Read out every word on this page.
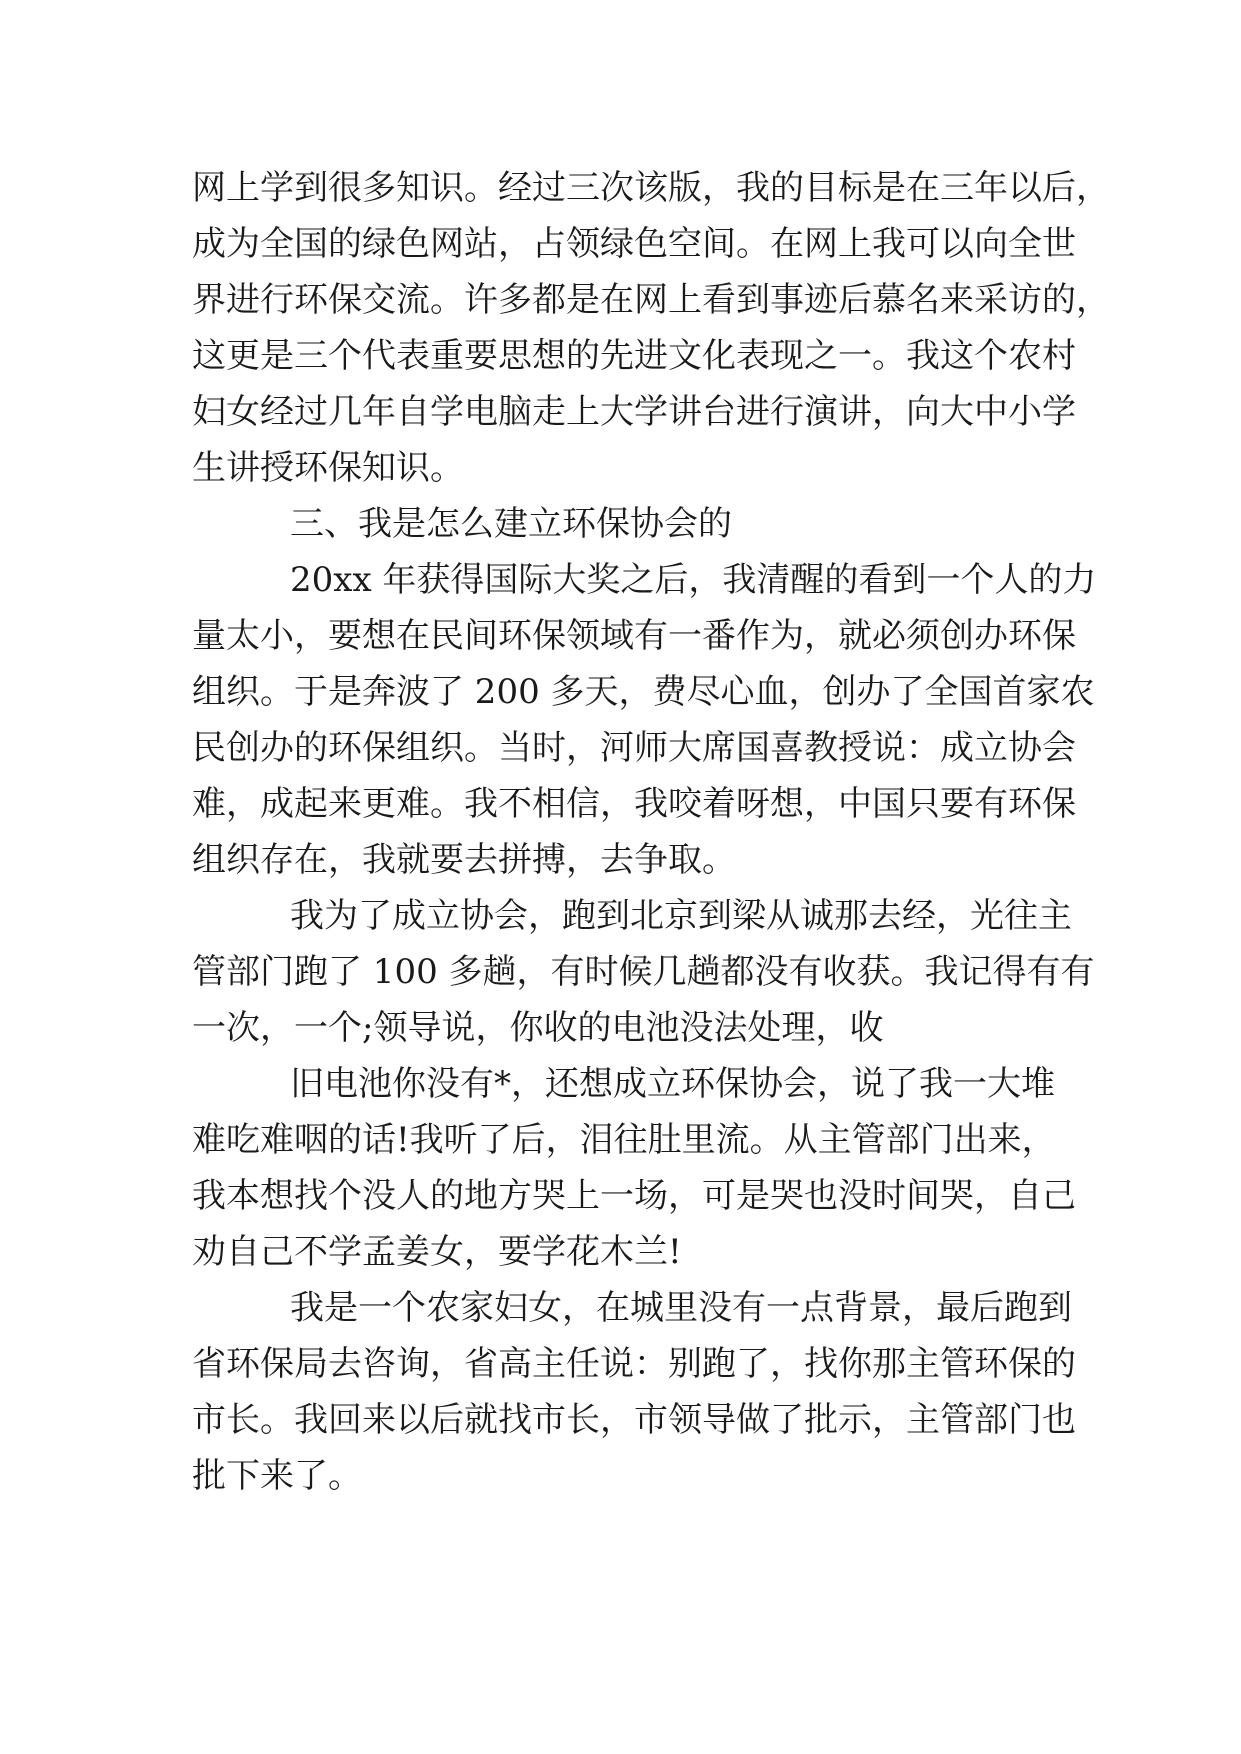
网上学到很多知识。经过三次该版，我的目标是在三年以后，
成为全国的绿色网站，占领绿色空间。在网上我可以向全世
界进行环保交流。许多都是在网上看到事迹后慕名来采访的，
这更是三个代表重要思想的先进文化表现之一。我这个农村
妇女经过几年自学电脑走上大学讲台进行演讲，向大中小学
生讲授环保知识。
三、我是怎么建立环保协会的
20xx 年获得国际大奖之后，我清醒的看到一个人的力
量太小，要想在民间环保领域有一番作为，就必须创办环保
组织。于是奔波了 200 多天，费尽心血，创办了全国首家农
民创办的环保组织。当时，河师大席国喜教授说：成立协会
难，成起来更难。我不相信，我咬着呀想，中国只要有环保
组织存在，我就要去拼搏，去争取。
我为了成立协会，跑到北京到梁从诚那去经，光往主
管部门跑了 100 多趟，有时候几趟都没有收获。我记得有有
一次，一个;领导说，你收的电池没法处理，收
旧电池你没有*，还想成立环保协会，说了我一大堆
难吃难咽的话!我听了后，泪往肚里流。从主管部门出来，
我本想找个没人的地方哭上一场，可是哭也没时间哭，自己
劝自己不学孟姜女，要学花木兰!
我是一个农家妇女，在城里没有一点背景，最后跑到
省环保局去咨询，省高主任说：别跑了，找你那主管环保的
市长。我回来以后就找市长，市领导做了批示，主管部门也
批下来了。
